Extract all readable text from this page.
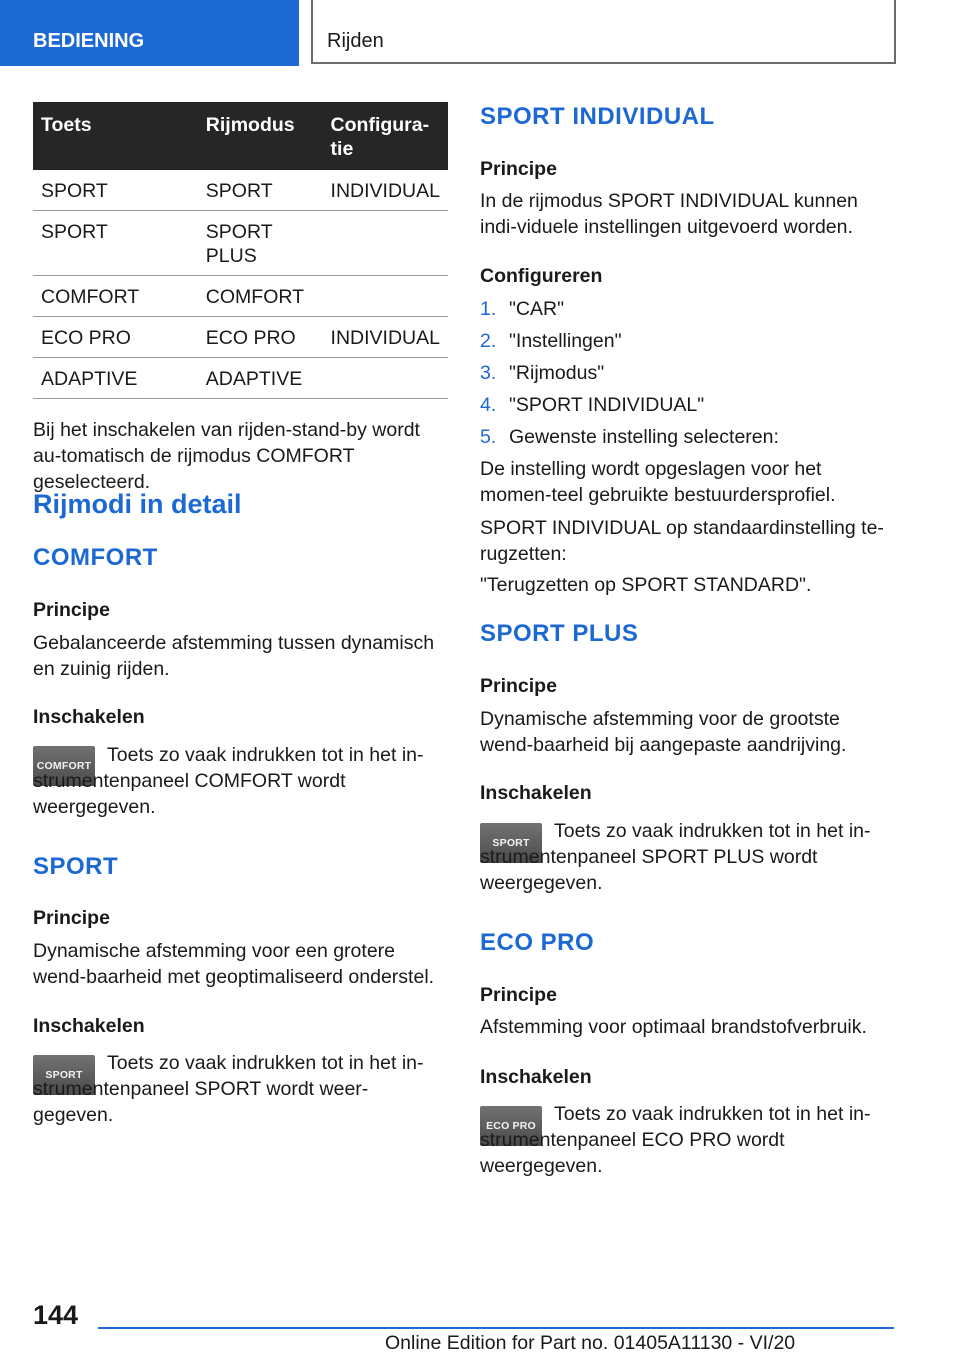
BEDIENING	Rijden
Toets	Rijmodus	Configura-
tie
SPORT	SPORT	INDIVIDUAL
SPORT	SPORT
PLUS	
COMFORT	COMFORT	
ECO PRO	ECO PRO	INDIVIDUAL
ADAPTIVE	ADAPTIVE	

Bij het inschakelen van rijden-stand-by wordt au-tomatisch de rijmodus COMFORT geselecteerd.

Rijmodi in detail
COMFORT
Principe

Gebalanceerde afstemming tussen dynamisch en zuinig rijden.

Inschakelen
COMFORT Toets zo vaak indrukken tot in het in-strumentenpaneel COMFORT wordt weergegeven.

SPORT
Principe

Dynamische afstemming voor een grotere wend-baarheid met geoptimaliseerd onderstel.

Inschakelen
SPORT

Toets zo vaak indrukken tot in het in-strumentenpaneel SPORT wordt weer-gegeven.

SPORT INDIVIDUAL
Principe

In de rijmodus SPORT INDIVIDUAL kunnen indi-viduele instellingen uitgevoerd worden.

Configureren
1. "CAR"
2. "Instellingen"
3. "Rijmodus"
4. "SPORT INDIVIDUAL"
5. Gewenste instelling selecteren:

De instelling wordt opgeslagen voor het momen-teel gebruikte bestuurdersprofiel.

SPORT INDIVIDUAL op standaardinstelling te-rugzetten:

"Terugzetten op SPORT STANDARD".

SPORT PLUS
Principe

Dynamische afstemming voor de grootste wend-baarheid bij aangepaste aandrijving.

Inschakelen
SPORT

Toets zo vaak indrukken tot in het in-strumentenpaneel SPORT PLUS wordt weergegeven.

ECO PRO
Principe

Afstemming voor optimaal brandstofverbruik.

Inschakelen
ECO PRO

Toets zo vaak indrukken tot in het in-strumentenpaneel ECO PRO wordt weergegeven.

144
Online Edition for Part no. 01405A11130 - VI/20
